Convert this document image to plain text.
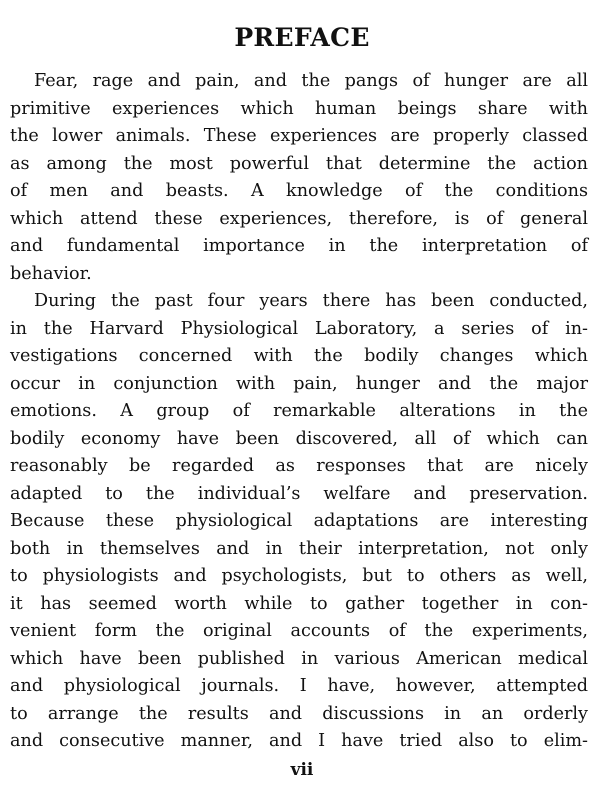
PREFACE

Fear, rage and pain, and the pangs of hunger are all
primitive experiences which human beings share with
the lower animals. These experiences are properly classed
as among the most powerful that determine the action
of men and beasts. A knowledge of the conditions
which attend these experiences, therefore, is of general
and fundamental importance in the interpretation of
behavior.

During the past four years there has been conducted,
in the Harvard Physiological Laboratory, a series of in-
vestigations concerned with the bodily changes which
occur in conjunction with pain, hunger and the major
emotions. A group of remarkable alterations in the
bodily economy have been discovered, all of which can
reasonably be regarded as responses that are nicely
adapted to the individual’s welfare and preservation.
Because these physiological adaptations are interesting
both in themselves and in their interpretation, not only
to physiologists and psychologists, but to others as well,
it has seemed worth while to gather together in con-
venient form the original accounts of the experiments,
which have been published in various American medical
and physiological journals. I have, however, attempted
to arrange the results and discussions in an orderly
and consecutive manner, and I have tried also to elim-

vii
